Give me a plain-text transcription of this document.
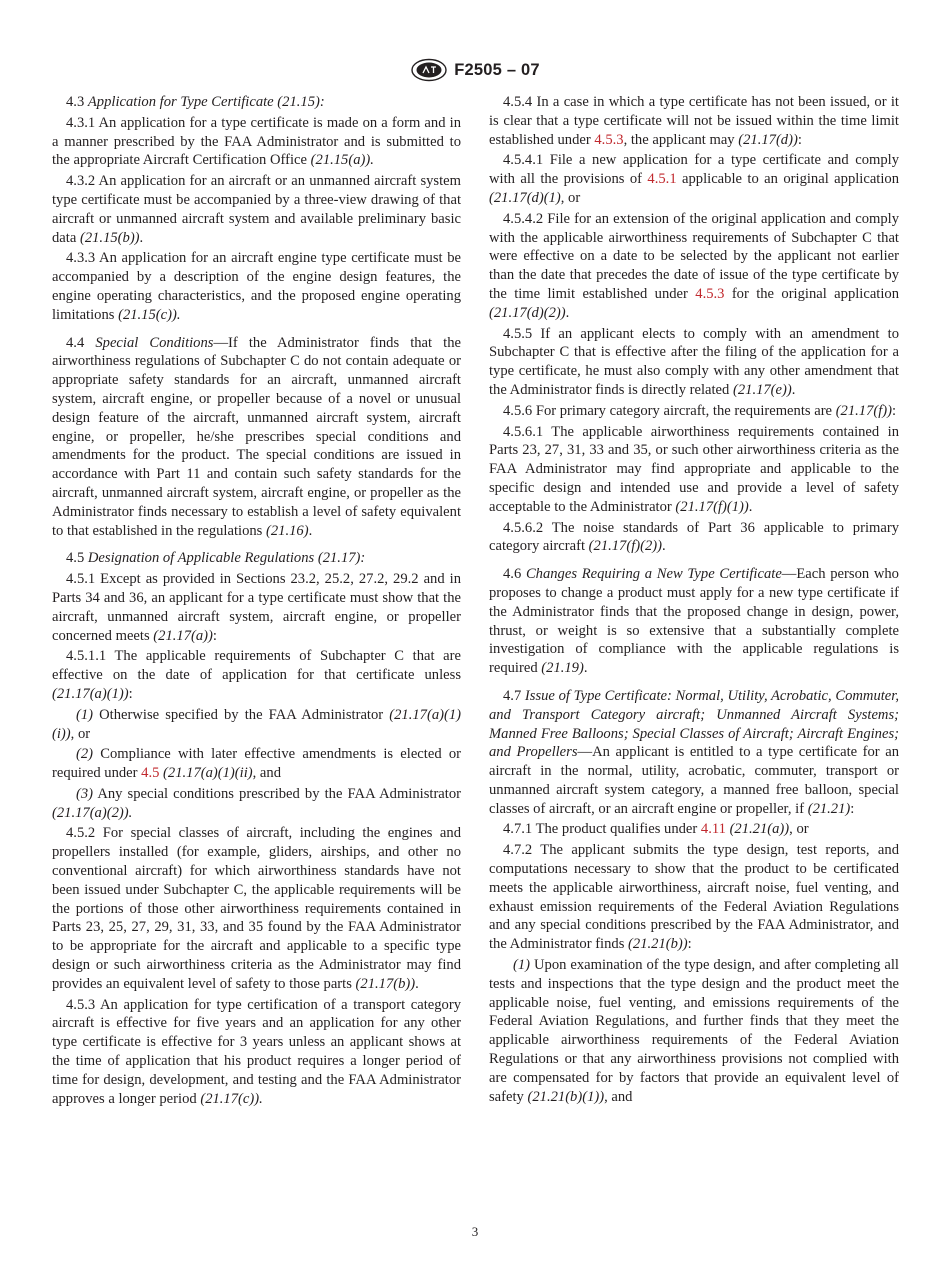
F2505 – 07

4.3 Application for Type Certificate (21.15):

4.3.1 An application for a type certificate is made on a form and in a manner prescribed by the FAA Administrator and is submitted to the appropriate Aircraft Certification Office (21.15(a)).

4.3.2 An application for an aircraft or an unmanned aircraft system type certificate must be accompanied by a three-view drawing of that aircraft or unmanned aircraft system and available preliminary basic data (21.15(b)).

4.3.3 An application for an aircraft engine type certificate must be accompanied by a description of the engine design features, the engine operating characteristics, and the proposed engine operating limitations (21.15(c)).

4.4 Special Conditions—If the Administrator finds that the airworthiness regulations of Subchapter C do not contain adequate or appropriate safety standards for an aircraft, unmanned aircraft system, aircraft engine, or propeller because of a novel or unusual design feature of the aircraft, unmanned aircraft system, aircraft engine, or propeller, he/she prescribes special conditions and amendments for the product. The special conditions are issued in accordance with Part 11 and contain such safety standards for the aircraft, unmanned aircraft system, aircraft engine, or propeller as the Administrator finds necessary to establish a level of safety equivalent to that established in the regulations (21.16).

4.5 Designation of Applicable Regulations (21.17):

4.5.1 Except as provided in Sections 23.2, 25.2, 27.2, 29.2 and in Parts 34 and 36, an applicant for a type certificate must show that the aircraft, unmanned aircraft system, aircraft engine, or propeller concerned meets (21.17(a)):

4.5.1.1 The applicable requirements of Subchapter C that are effective on the date of application for that certificate unless (21.17(a)(1)):

(1) Otherwise specified by the FAA Administrator (21.17(a)(1)(i)), or

(2) Compliance with later effective amendments is elected or required under 4.5 (21.17(a)(1)(ii), and

(3) Any special conditions prescribed by the FAA Administrator (21.17(a)(2)).

4.5.2 For special classes of aircraft, including the engines and propellers installed (for example, gliders, airships, and other no conventional aircraft) for which airworthiness standards have not been issued under Subchapter C, the applicable requirements will be the portions of those other airworthiness requirements contained in Parts 23, 25, 27, 29, 31, 33, and 35 found by the FAA Administrator to be appropriate for the aircraft and applicable to a specific type design or such airworthiness criteria as the Administrator may find provides an equivalent level of safety to those parts (21.17(b)).

4.5.3 An application for type certification of a transport category aircraft is effective for five years and an application for any other type certificate is effective for 3 years unless an applicant shows at the time of application that his product requires a longer period of time for design, development, and testing and the FAA Administrator approves a longer period (21.17(c)).

4.5.4 In a case in which a type certificate has not been issued, or it is clear that a type certificate will not be issued within the time limit established under 4.5.3, the applicant may (21.17(d)):

4.5.4.1 File a new application for a type certificate and comply with all the provisions of 4.5.1 applicable to an original application (21.17(d)(1), or

4.5.4.2 File for an extension of the original application and comply with the applicable airworthiness requirements of Subchapter C that were effective on a date to be selected by the applicant not earlier than the date that precedes the date of issue of the type certificate by the time limit established under 4.5.3 for the original application (21.17(d)(2)).

4.5.5 If an applicant elects to comply with an amendment to Subchapter C that is effective after the filing of the application for a type certificate, he must also comply with any other amendment that the Administrator finds is directly related (21.17(e)).

4.5.6 For primary category aircraft, the requirements are (21.17(f)):

4.5.6.1 The applicable airworthiness requirements contained in Parts 23, 27, 31, 33 and 35, or such other airworthiness criteria as the FAA Administrator may find appropriate and applicable to the specific design and intended use and provide a level of safety acceptable to the Administrator (21.17(f)(1)).

4.5.6.2 The noise standards of Part 36 applicable to primary category aircraft (21.17(f)(2)).

4.6 Changes Requiring a New Type Certificate—Each person who proposes to change a product must apply for a new type certificate if the Administrator finds that the proposed change in design, power, thrust, or weight is so extensive that a substantially complete investigation of compliance with the applicable regulations is required (21.19).

4.7 Issue of Type Certificate: Normal, Utility, Acrobatic, Commuter, and Transport Category aircraft; Unmanned Aircraft Systems; Manned Free Balloons; Special Classes of Aircraft; Aircraft Engines; and Propellers—An applicant is entitled to a type certificate for an aircraft in the normal, utility, acrobatic, commuter, transport or unmanned aircraft system category, a manned free balloon, special classes of aircraft, or an aircraft engine or propeller, if (21.21):

4.7.1 The product qualifies under 4.11 (21.21(a)), or

4.7.2 The applicant submits the type design, test reports, and computations necessary to show that the product to be certificated meets the applicable airworthiness, aircraft noise, fuel venting, and exhaust emission requirements of the Federal Aviation Regulations and any special conditions prescribed by the FAA Administrator, and the Administrator finds (21.21(b)):

(1) Upon examination of the type design, and after completing all tests and inspections that the type design and the product meet the applicable noise, fuel venting, and emissions requirements of the Federal Aviation Regulations, and further finds that they meet the applicable airworthiness requirements of the Federal Aviation Regulations or that any airworthiness provisions not complied with are compensated for by factors that provide an equivalent level of safety (21.21(b)(1)), and

3
